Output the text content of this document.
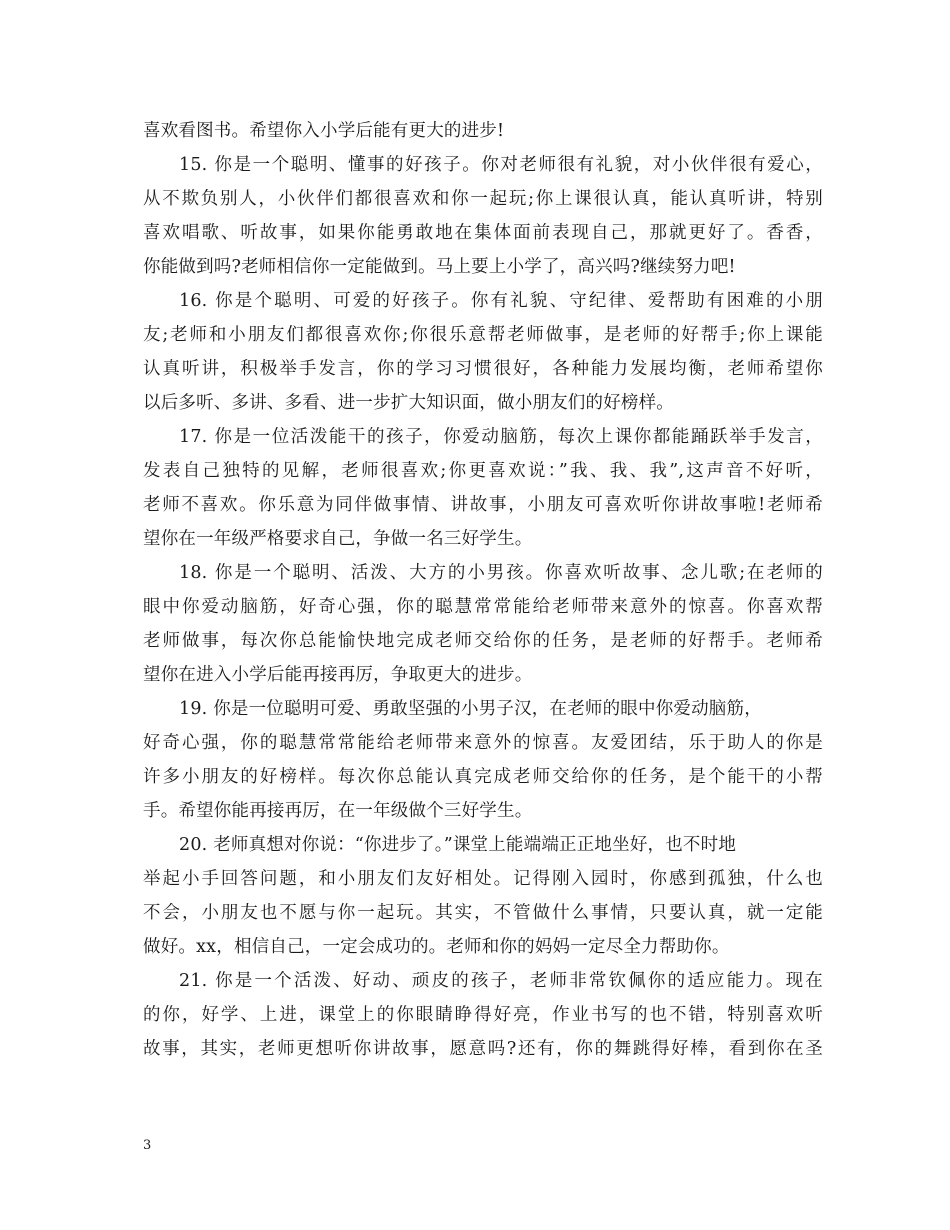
喜欢看图书。希望你入小学后能有更大的进步!
15. 你是一个聪明、懂事的好孩子。你对老师很有礼貌，对小伙伴很有爱心，
从不欺负别人，小伙伴们都很喜欢和你一起玩;你上课很认真，能认真听讲，特别
喜欢唱歌、听故事，如果你能勇敢地在集体面前表现自己，那就更好了。香香，
你能做到吗?老师相信你一定能做到。马上要上小学了，高兴吗?继续努力吧!
16. 你是个聪明、可爱的好孩子。你有礼貌、守纪律、爱帮助有困难的小朋
友;老师和小朋友们都很喜欢你;你很乐意帮老师做事，是老师的好帮手;你上课能
认真听讲，积极举手发言，你的学习习惯很好，各种能力发展均衡，老师希望你
以后多听、多讲、多看、进一步扩大知识面，做小朋友们的好榜样。
17. 你是一位活泼能干的孩子，你爱动脑筋，每次上课你都能踊跃举手发言，
发表自己独特的见解，老师很喜欢;你更喜欢说：”我、我、我”,这声音不好听，
老师不喜欢。你乐意为同伴做事情、讲故事，小朋友可喜欢听你讲故事啦!老师希
望你在一年级严格要求自己，争做一名三好学生。
18. 你是一个聪明、活泼、大方的小男孩。你喜欢听故事、念儿歌;在老师的
眼中你爱动脑筋，好奇心强，你的聪慧常常能给老师带来意外的惊喜。你喜欢帮
老师做事，每次你总能愉快地完成老师交给你的任务，是老师的好帮手。老师希
望你在进入小学后能再接再厉，争取更大的进步。
19. 你是一位聪明可爱、勇敢坚强的小男子汉，在老师的眼中你爱动脑筋，
好奇心强，你的聪慧常常能给老师带来意外的惊喜。友爱团结，乐于助人的你是
许多小朋友的好榜样。每次你总能认真完成老师交给你的任务，是个能干的小帮
手。希望你能再接再厉，在一年级做个三好学生。
20. 老师真想对你说：“你进步了。”课堂上能端端正正地坐好，也不时地
举起小手回答问题，和小朋友们友好相处。记得刚入园时，你感到孤独，什么也
不会，小朋友也不愿与你一起玩。其实，不管做什么事情，只要认真，就一定能
做好。xx，相信自己，一定会成功的。老师和你的妈妈一定尽全力帮助你。
21. 你是一个活泼、好动、顽皮的孩子，老师非常钦佩你的适应能力。现在
的你，好学、上进，课堂上的你眼睛睁得好亮，作业书写的也不错，特别喜欢听
故事，其实，老师更想听你讲故事，愿意吗?还有，你的舞跳得好棒，看到你在圣
3
